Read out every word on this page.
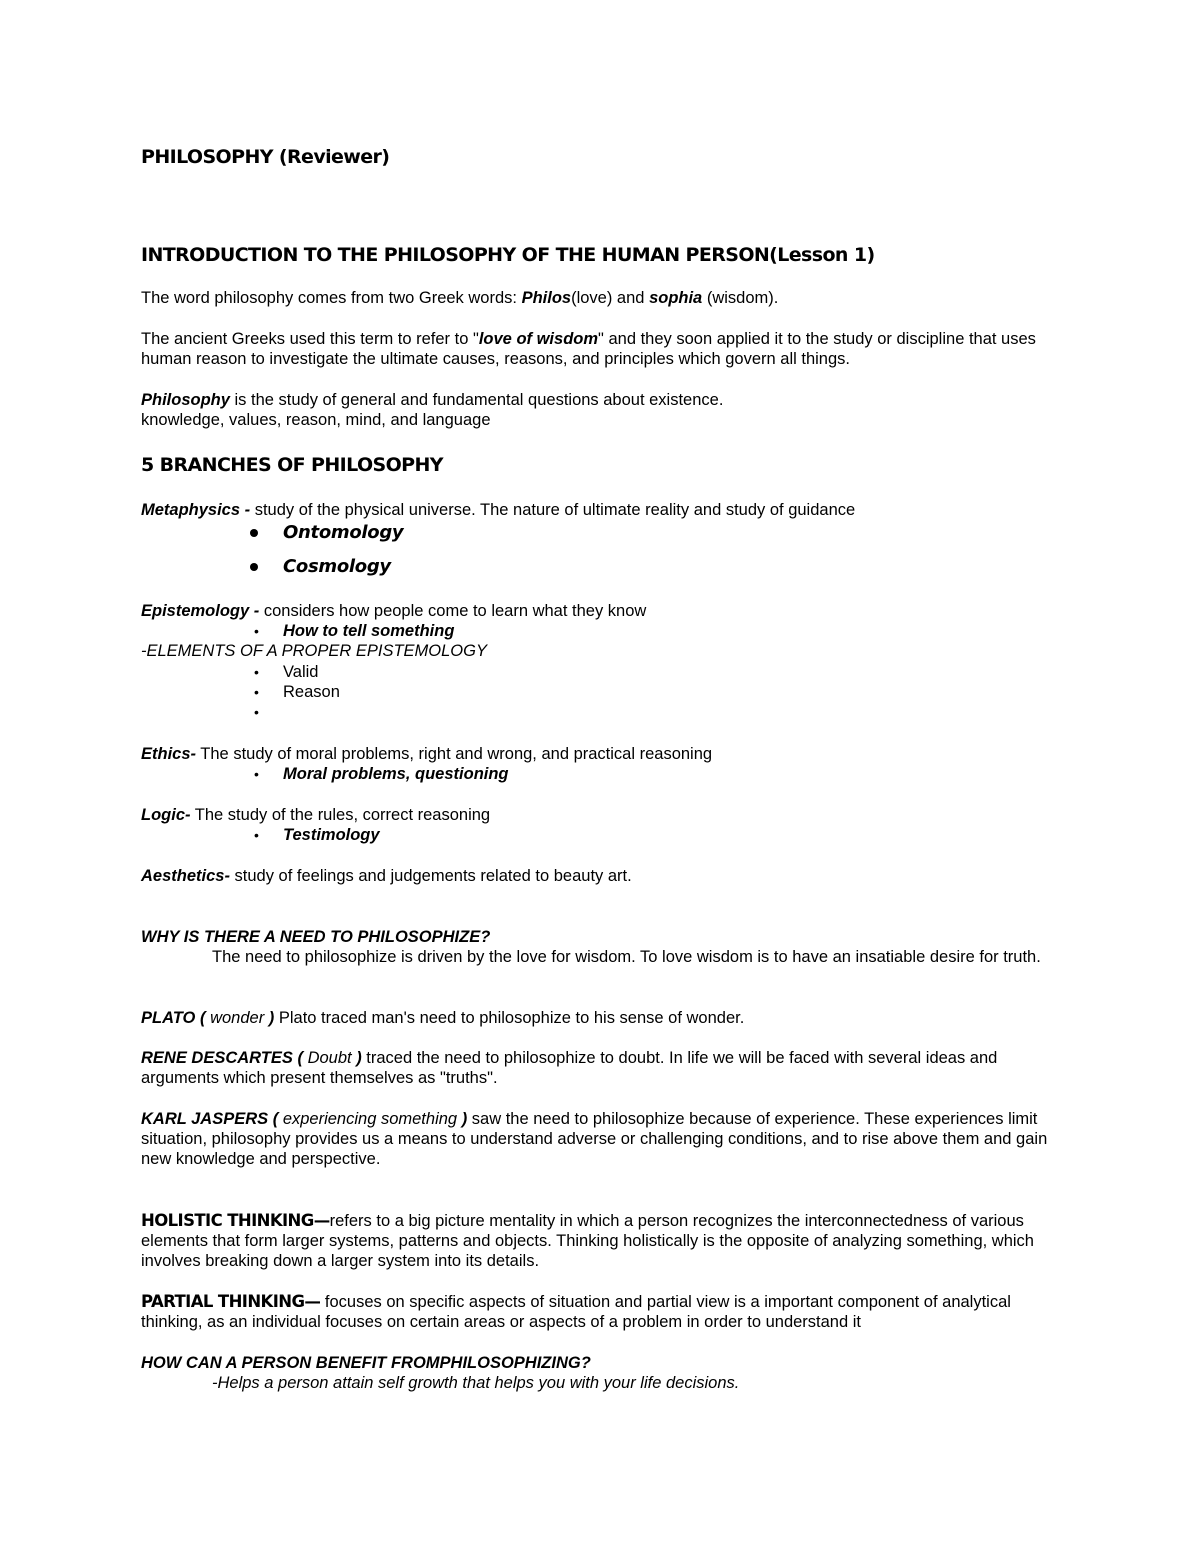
PHILOSOPHY (Reviewer)
INTRODUCTION TO THE PHILOSOPHY OF THE HUMAN PERSON(Lesson 1)

The word philosophy comes from two Greek words: Philos(love) and sophia (wisdom).

The ancient Greeks used this term to refer to "love of wisdom" and they soon applied it to the study or discipline that uses human reason to investigate the ultimate causes, reasons, and principles which govern all things.

Philosophy is the study of general and fundamental questions about existence.
knowledge, values, reason, mind, and language

5 BRANCHES OF PHILOSOPHY

Metaphysics - study of the physical universe. The nature of ultimate reality and study of guidance

Ontomology
Cosmology

Epistemology - considers how people come to learn what they know

• How to tell something

-ELEMENTS OF A PROPER EPISTEMOLOGY

• Valid
• Reason
•

Ethics- The study of moral problems, right and wrong, and practical reasoning

• Moral problems, questioning

Logic- The study of the rules, correct reasoning

• Testimology

Aesthetics- study of feelings and judgements related to beauty art.

WHY IS THERE A NEED TO PHILOSOPHIZE?

The need to philosophize is driven by the love for wisdom. To love wisdom is to have an insatiable desire for truth.

PLATO ( wonder ) Plato traced man's need to philosophize to his sense of wonder.

RENE DESCARTES ( Doubt ) traced the need to philosophize to doubt. In life we will be faced with several ideas and arguments which present themselves as "truths".

KARL JASPERS ( experiencing something ) saw the need to philosophize because of experience. These experiences limit situation, philosophy provides us a means to understand adverse or challenging conditions, and to rise above them and gain new knowledge and perspective.

HOLISTIC THINKING—refers to a big picture mentality in which a person recognizes the interconnectedness of various elements that form larger systems, patterns and objects. Thinking holistically is the opposite of analyzing something, which involves breaking down a larger system into its details.

PARTIAL THINKING— focuses on specific aspects of situation and partial view is a important component of analytical thinking, as an individual focuses on certain areas or aspects of a problem in order to understand it

HOW CAN A PERSON BENEFIT FROMPHILOSOPHIZING?

-Helps a person attain self growth that helps you with your life decisions.
